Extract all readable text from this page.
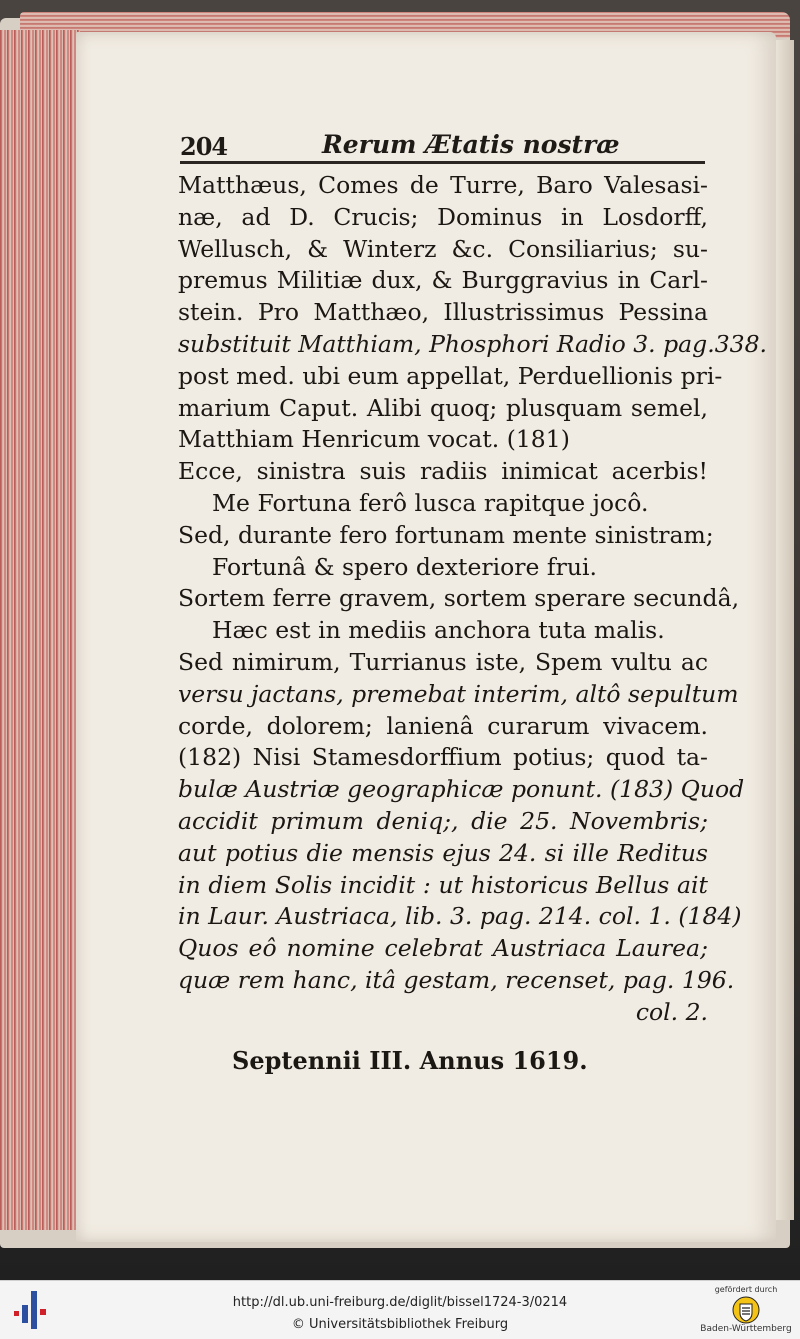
204	Rerum Ætatis nostræ
Matthæus, Comes de Turre, Baro Valesasi-
næ, ad D. Crucis; Dominus in Losdorff,
Wellusch, & Winterz &c. Consiliarius; su-
premus Militiæ dux, & Burggravius in Carl-
stein. Pro Matthæo, Illustrissimus Pessina
substituit Matthiam, Phosphori Radio 3. pag.338.
post med. ubi eum appellat, Perduellionis pri-
marium Caput. Alibi quoq; plusquam semel,
Matthiam Henricum vocat. (181)
Ecce, sinistra suis radiis inimicat acerbis!
Me Fortuna ferô lusca rapitque jocô.
Sed, durante fero fortunam mente sinistram;
Fortunâ & spero dexteriore frui.
Sortem ferre gravem, sortem sperare secundâ,
Hæc est in mediis anchora tuta malis.
Sed nimirum, Turrianus iste, Spem vultu ac
versu jactans, premebat interim, altô sepultum
corde, dolorem; lanienâ curarum vivacem.
(182) Nisi Stamesdorffium potius; quod ta-
bulæ Austriæ geographicæ ponunt. (183) Quod
accidit primum deniq;, die 25. Novembris;
aut potius die mensis ejus 24. si ille Reditus
in diem Solis incidit : ut historicus Bellus ait
in Laur. Austriaca, lib. 3. pag. 214. col. 1. (184)
Quos eô nomine celebrat Austriaca Laurea;
quæ rem hanc, itâ gestam, recenset, pag. 196.
col. 2.
Septennii III. Annus 1619.
http://dl.ub.uni-freiburg.de/diglit/bissel1724-3/0214
© Universitätsbibliothek Freiburg
gefördert durch
Baden-Württemberg
